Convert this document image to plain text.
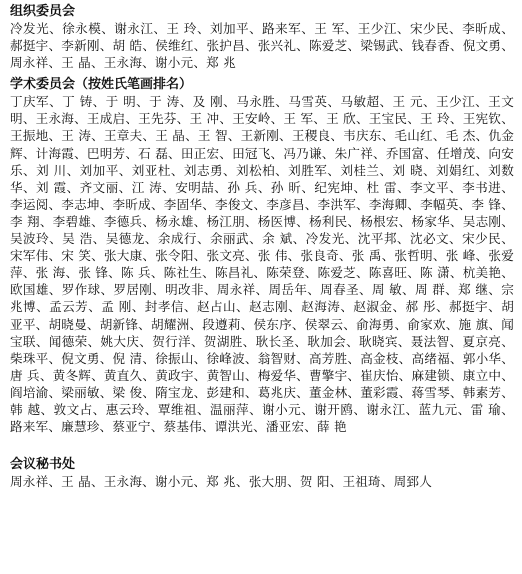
组织委员会

冷发光、徐永模、谢永江、王 玲、刘加平、路来军、王 军、王少江、宋少民、李昕成、郝挺宇、李新刚、胡 皓、侯维红、张护昌、张兴礼、陈爱芝、梁锡武、钱春香、倪文勇、周永祥、王 晶、王永海、谢小元、郑 兆

学术委员会（按姓氏笔画排名）

丁庆军、丁 铸、于 明、于 涛、及 刚、马永胜、马雪英、马敏超、王 元、王少江、王文明、王永海、王成启、王先芬、王 冲、王安岭、王 军、王 欣、王宝民、王 玲、王宪钦、王振地、王 涛、王章夫、王 晶、王 智、王新刚、王稷良、韦庆东、毛山红、毛 杰、仇金辉、计海霞、巴明芳、石 磊、田正宏、田冠飞、冯乃谦、朱广祥、乔国富、任增茂、向安乐、刘 川、刘加平、刘亚杜、刘志勇、刘松柏、刘胜军、刘桂兰、刘 晓、刘娟红、刘数华、刘 霞、齐文丽、江 涛、安明喆、孙 兵、孙 昕、纪宪坤、杜 雷、李文平、李书进、李运阅、李志坤、李昕成、李固华、李俊文、李彦昌、李洪军、李海卿、李幅英、李 锋、李 翔、李碧雄、李德兵、杨永雄、杨江朋、杨医博、杨利民、杨根宏、杨家华、吴志刚、吴波玲、吴 浩、吴德龙、余成行、余丽武、余 斌、冷发光、沈平邦、沈必文、宋少民、宋军伟、宋 笑、张大康、张令阳、张文亮、张 伟、张良奇、张 禹、张哲明、张 峰、张爱萍、张 海、张 锋、陈 兵、陈社生、陈昌礼、陈荣登、陈爱芝、陈喜旺、陈 潇、杭美艳、欧国雄、罗作球、罗居刚、明改非、周永祥、周岳年、周春圣、周 敏、周 群、郑 继、宗兆博、孟云芳、孟 刚、封孝信、赵占山、赵志刚、赵海涛、赵淑金、郝 彤、郝挺宇、胡亚平、胡晓曼、胡新锋、胡耀洲、段遵莉、侯东序、侯翠云、俞海勇、俞家欢、施 旗、闻宝联、闻德荣、姚大庆、贺行洋、贺湖胜、耿长圣、耿加会、耿晓宾、聂法智、夏京亮、柴珠平、倪文勇、倪 清、徐振山、徐峰波、翁智财、高芳胜、高金枝、高绪福、郭小华、唐 兵、黄冬辉、黄直久、黄政宇、黄智山、梅爱华、曹擎宇、崔庆怡、麻建锁、康立中、阎培渝、梁丽敏、梁 俊、隋宝龙、彭建和、葛兆庆、董金林、董彩霞、蒋雪琴、韩素芳、韩 越、敦文占、惠云玲、覃维祖、温丽萍、谢小元、谢开鸥、谢永江、蓝九元、雷 瑜、路来军、廉慧珍、蔡亚宁、蔡基伟、谭洪光、潘亚宏、薛 艳

会议秘书处

周永祥、王 晶、王永海、谢小元、郑 兆、张大朋、贺 阳、王祖琦、周郅人
